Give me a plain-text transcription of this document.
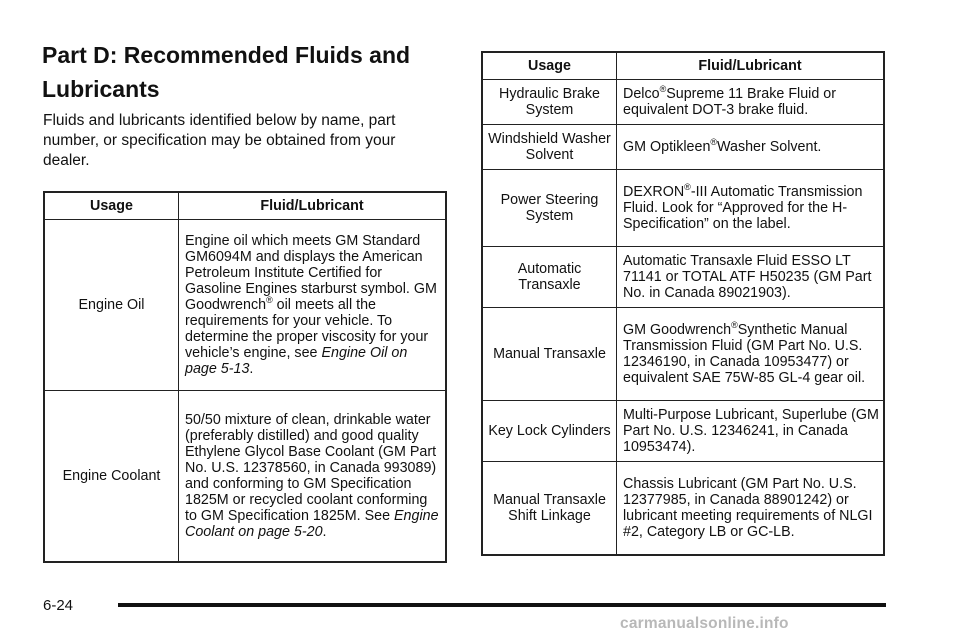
Part D: Recommended Fluids and Lubricants
Fluids and lubricants identified below by name, part number, or specification may be obtained from your dealer.
Usage	Fluid/Lubricant
Engine Oil	Engine oil which meets GM Standard GM6094M and displays the American Petroleum Institute Certified for Gasoline Engines starburst symbol. GM Goodwrench® oil meets all the requirements for your vehicle. To determine the proper viscosity for your vehicle’s engine, see Engine Oil on page 5-13.
Engine Coolant	50/50 mixture of clean, drinkable water (preferably distilled) and good quality Ethylene Glycol Base Coolant (GM Part No. U.S. 12378560, in Canada 993089) and conforming to GM Specification 1825M or recycled coolant conforming to GM Specification 1825M. See Engine Coolant on page 5-20.
Usage	Fluid/Lubricant
Hydraulic Brake System	Delco®Supreme 11 Brake Fluid or equivalent DOT-3 brake fluid.
Windshield Washer Solvent	GM Optikleen®Washer Solvent.
Power Steering System	DEXRON®-III Automatic Transmission Fluid. Look for “Approved for the H-Specification” on the label.
Automatic Transaxle	Automatic Transaxle Fluid ESSO LT 71141 or TOTAL ATF H50235 (GM Part No. in Canada 89021903).
Manual Transaxle	GM Goodwrench®Synthetic Manual Transmission Fluid (GM Part No. U.S. 12346190, in Canada 10953477) or equivalent SAE 75W-85 GL-4 gear oil.
Key Lock Cylinders	Multi-Purpose Lubricant, Superlube (GM Part No. U.S. 12346241, in Canada 10953474).
Manual Transaxle Shift Linkage	Chassis Lubricant (GM Part No. U.S. 12377985, in Canada 88901242) or lubricant meeting requirements of NLGI #2, Category LB or GC-LB.
6-24
carmanualsonline.info
